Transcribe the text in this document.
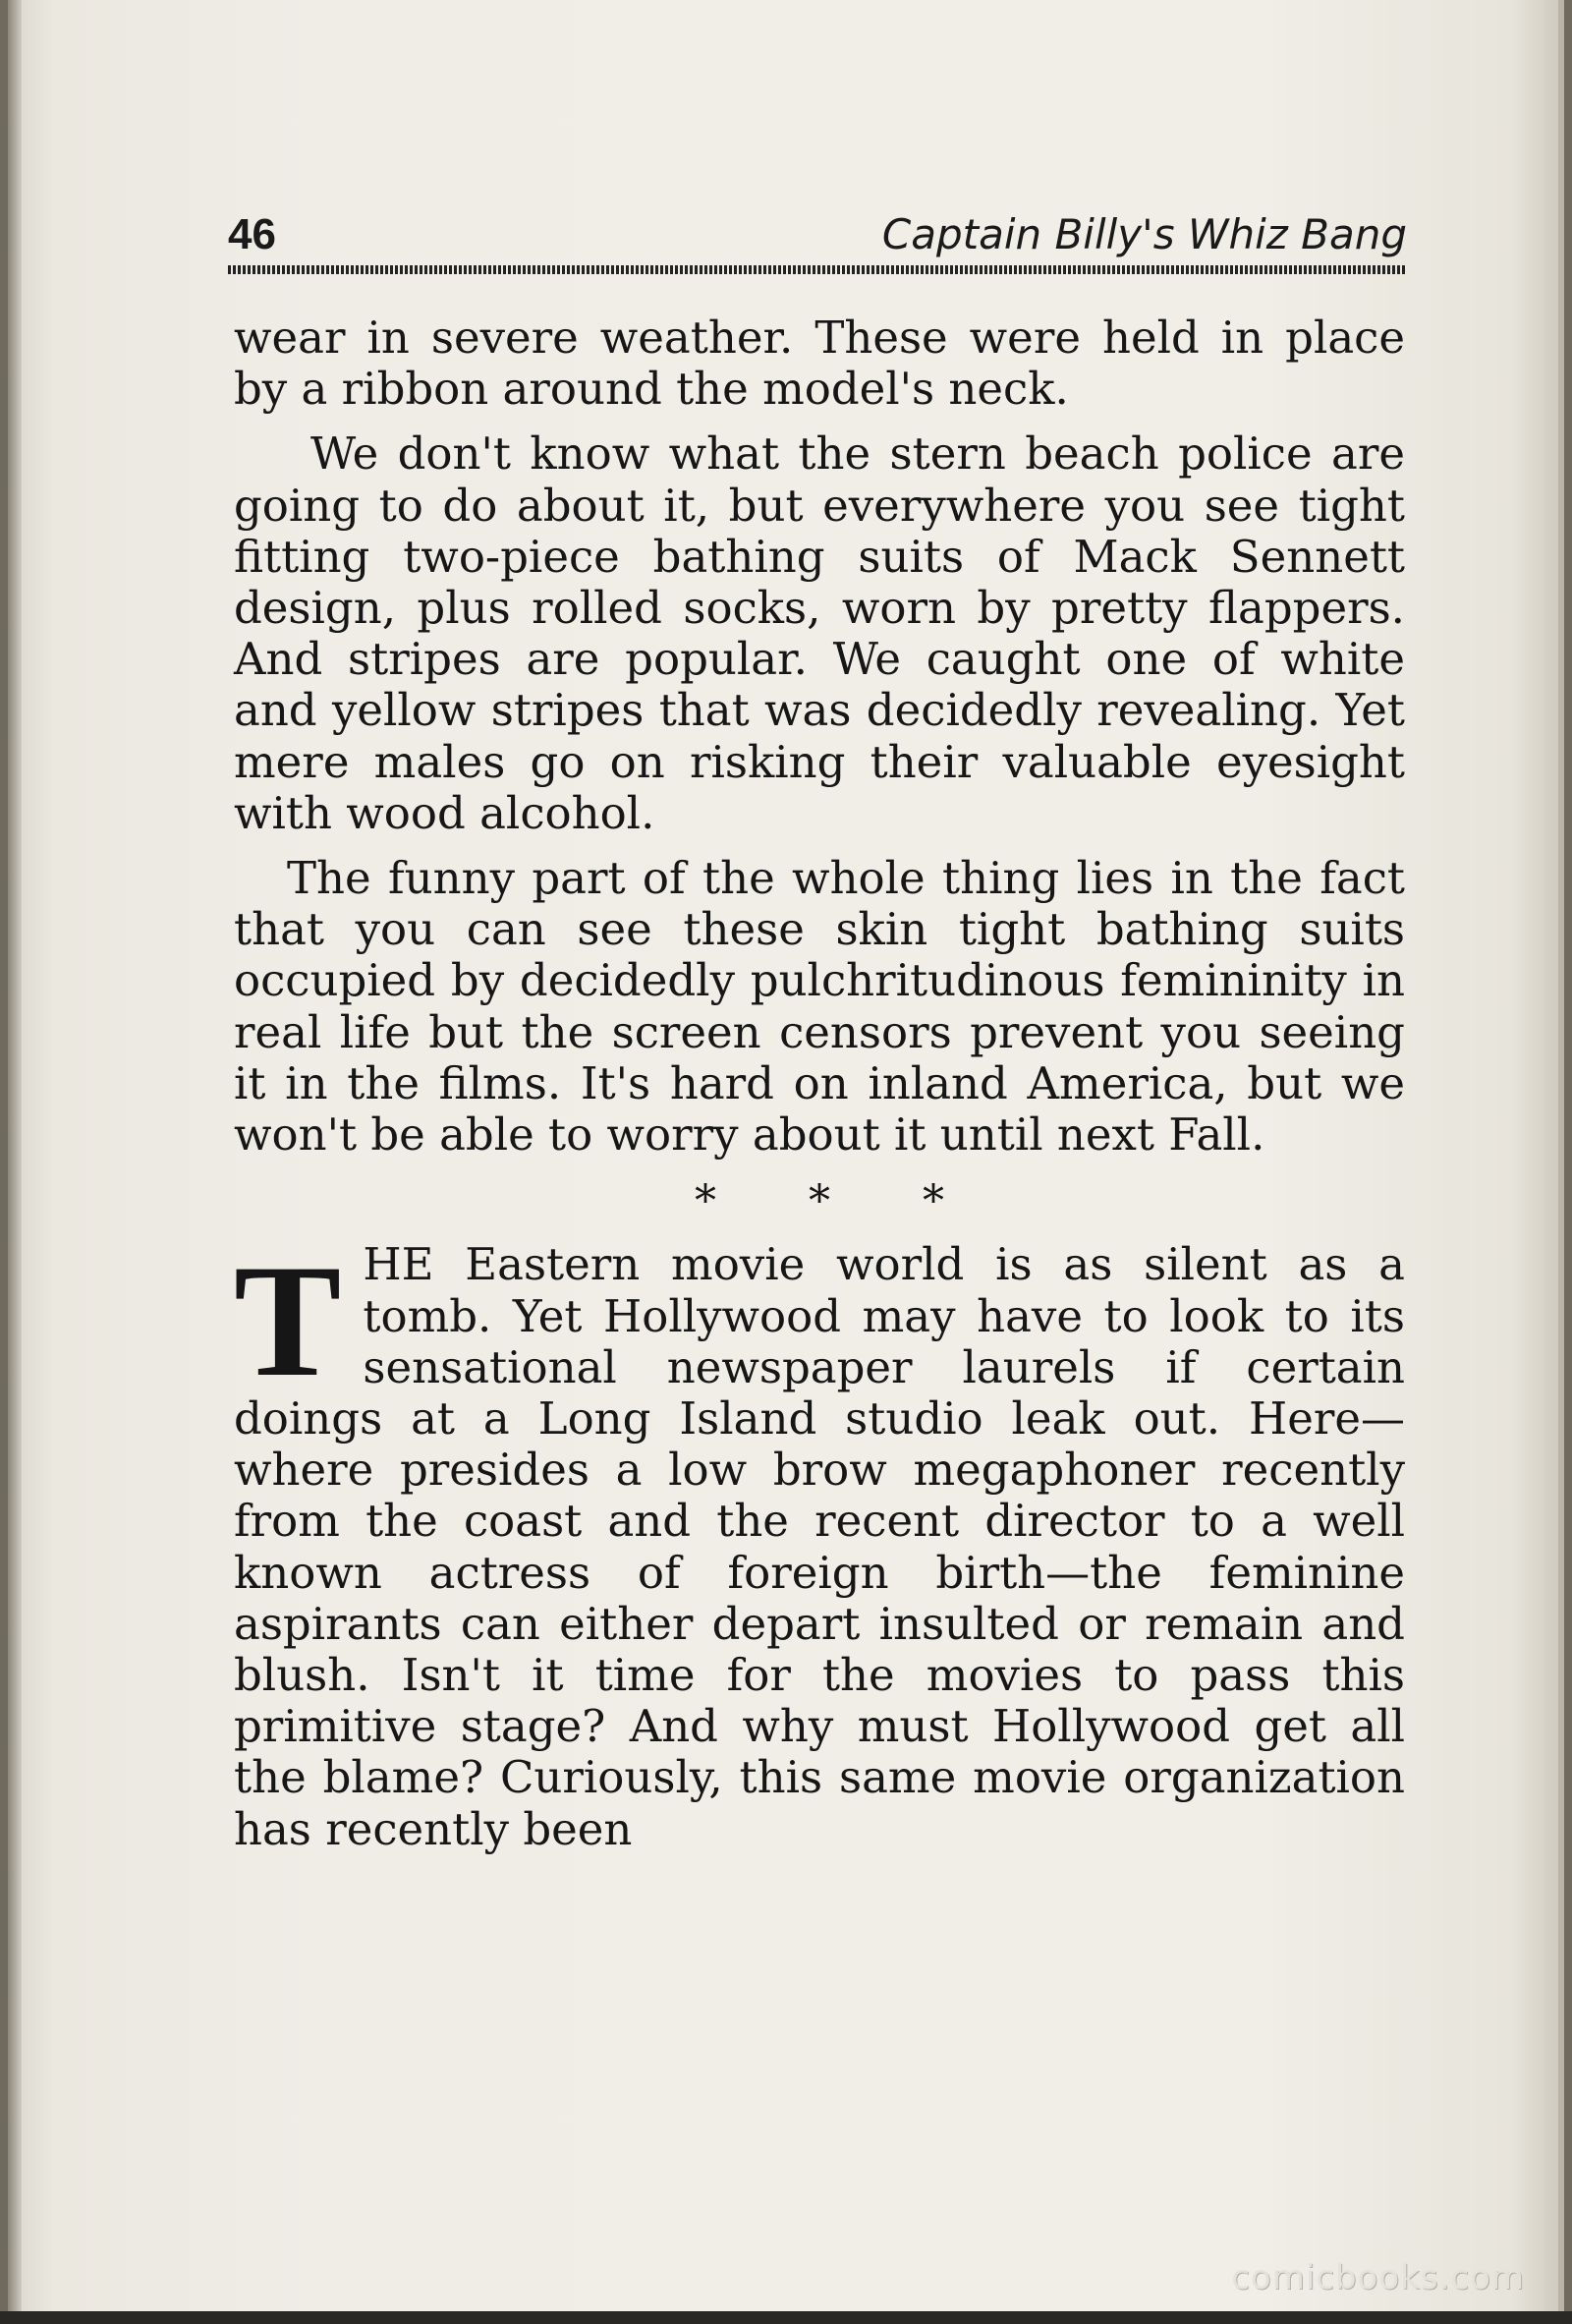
46	Captain Billy's Whiz Bang

wear in severe weather. These were held in place by a ribbon around the model's neck.

We don't know what the stern beach police are going to do about it, but everywhere you see tight fitting two-piece bathing suits of Mack Sennett design, plus rolled socks, worn by pretty flappers. And stripes are popular. We caught one of white and yellow stripes that was decidedly revealing. Yet mere males go on risking their valuable eyesight with wood alcohol.

The funny part of the whole thing lies in the fact that you can see these skin tight bathing suits occupied by decidedly pulchritudinous femininity in real life but the screen censors prevent you seeing it in the films. It's hard on inland America, but we won't be able to worry about it until next Fall.

* * *

T HE Eastern movie world is as silent as a tomb. Yet Hollywood may have to look to its sensational newspaper laurels if certain doings at a Long Island studio leak out. Here—where presides a low brow megaphoner recently from the coast and the recent director to a well known actress of foreign birth—the feminine aspirants can either depart insulted or remain and blush. Isn't it time for the movies to pass this primitive stage? And why must Hollywood get all the blame? Curiously, this same movie organization has recently been

comicbooks.com
